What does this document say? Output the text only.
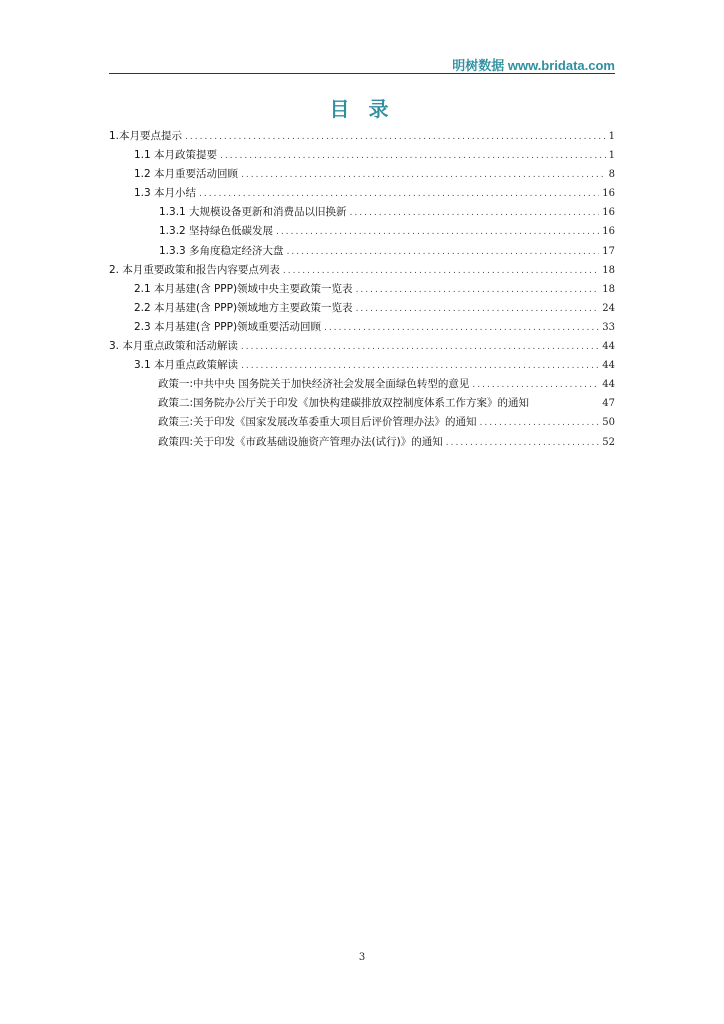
明树数据 www.bridata.com
目 录
1.本月要点提示 .....	1
1.1 本月政策提要 .....	1
1.2 本月重要活动回顾 .....	8
1.3 本月小结 .....	16
1.3.1 大规模设备更新和消费品以旧换新 .....	16
1.3.2 坚持绿色低碳发展 .....	16
1.3.3 多角度稳定经济大盘 .....	17
2. 本月重要政策和报告内容要点列表 .....	18
2.1 本月基建(含 PPP)领域中央主要政策一览表 .....	18
2.2 本月基建(含 PPP)领域地方主要政策一览表 .....	24
2.3 本月基建(含 PPP)领域重要活动回顾 .....	33
3. 本月重点政策和活动解读 .....	44
3.1 本月重点政策解读 .....	44
政策一:中共中央 国务院关于加快经济社会发展全面绿色转型的意见 .....	44
政策二:国务院办公厅关于印发《加快构建碳排放双控制度体系工作方案》的通知	47
政策三:关于印发《国家发展改革委重大项目后评价管理办法》的通知 .....	50
政策四:关于印发《市政基础设施资产管理办法(试行)》的通知 .....	52
3
